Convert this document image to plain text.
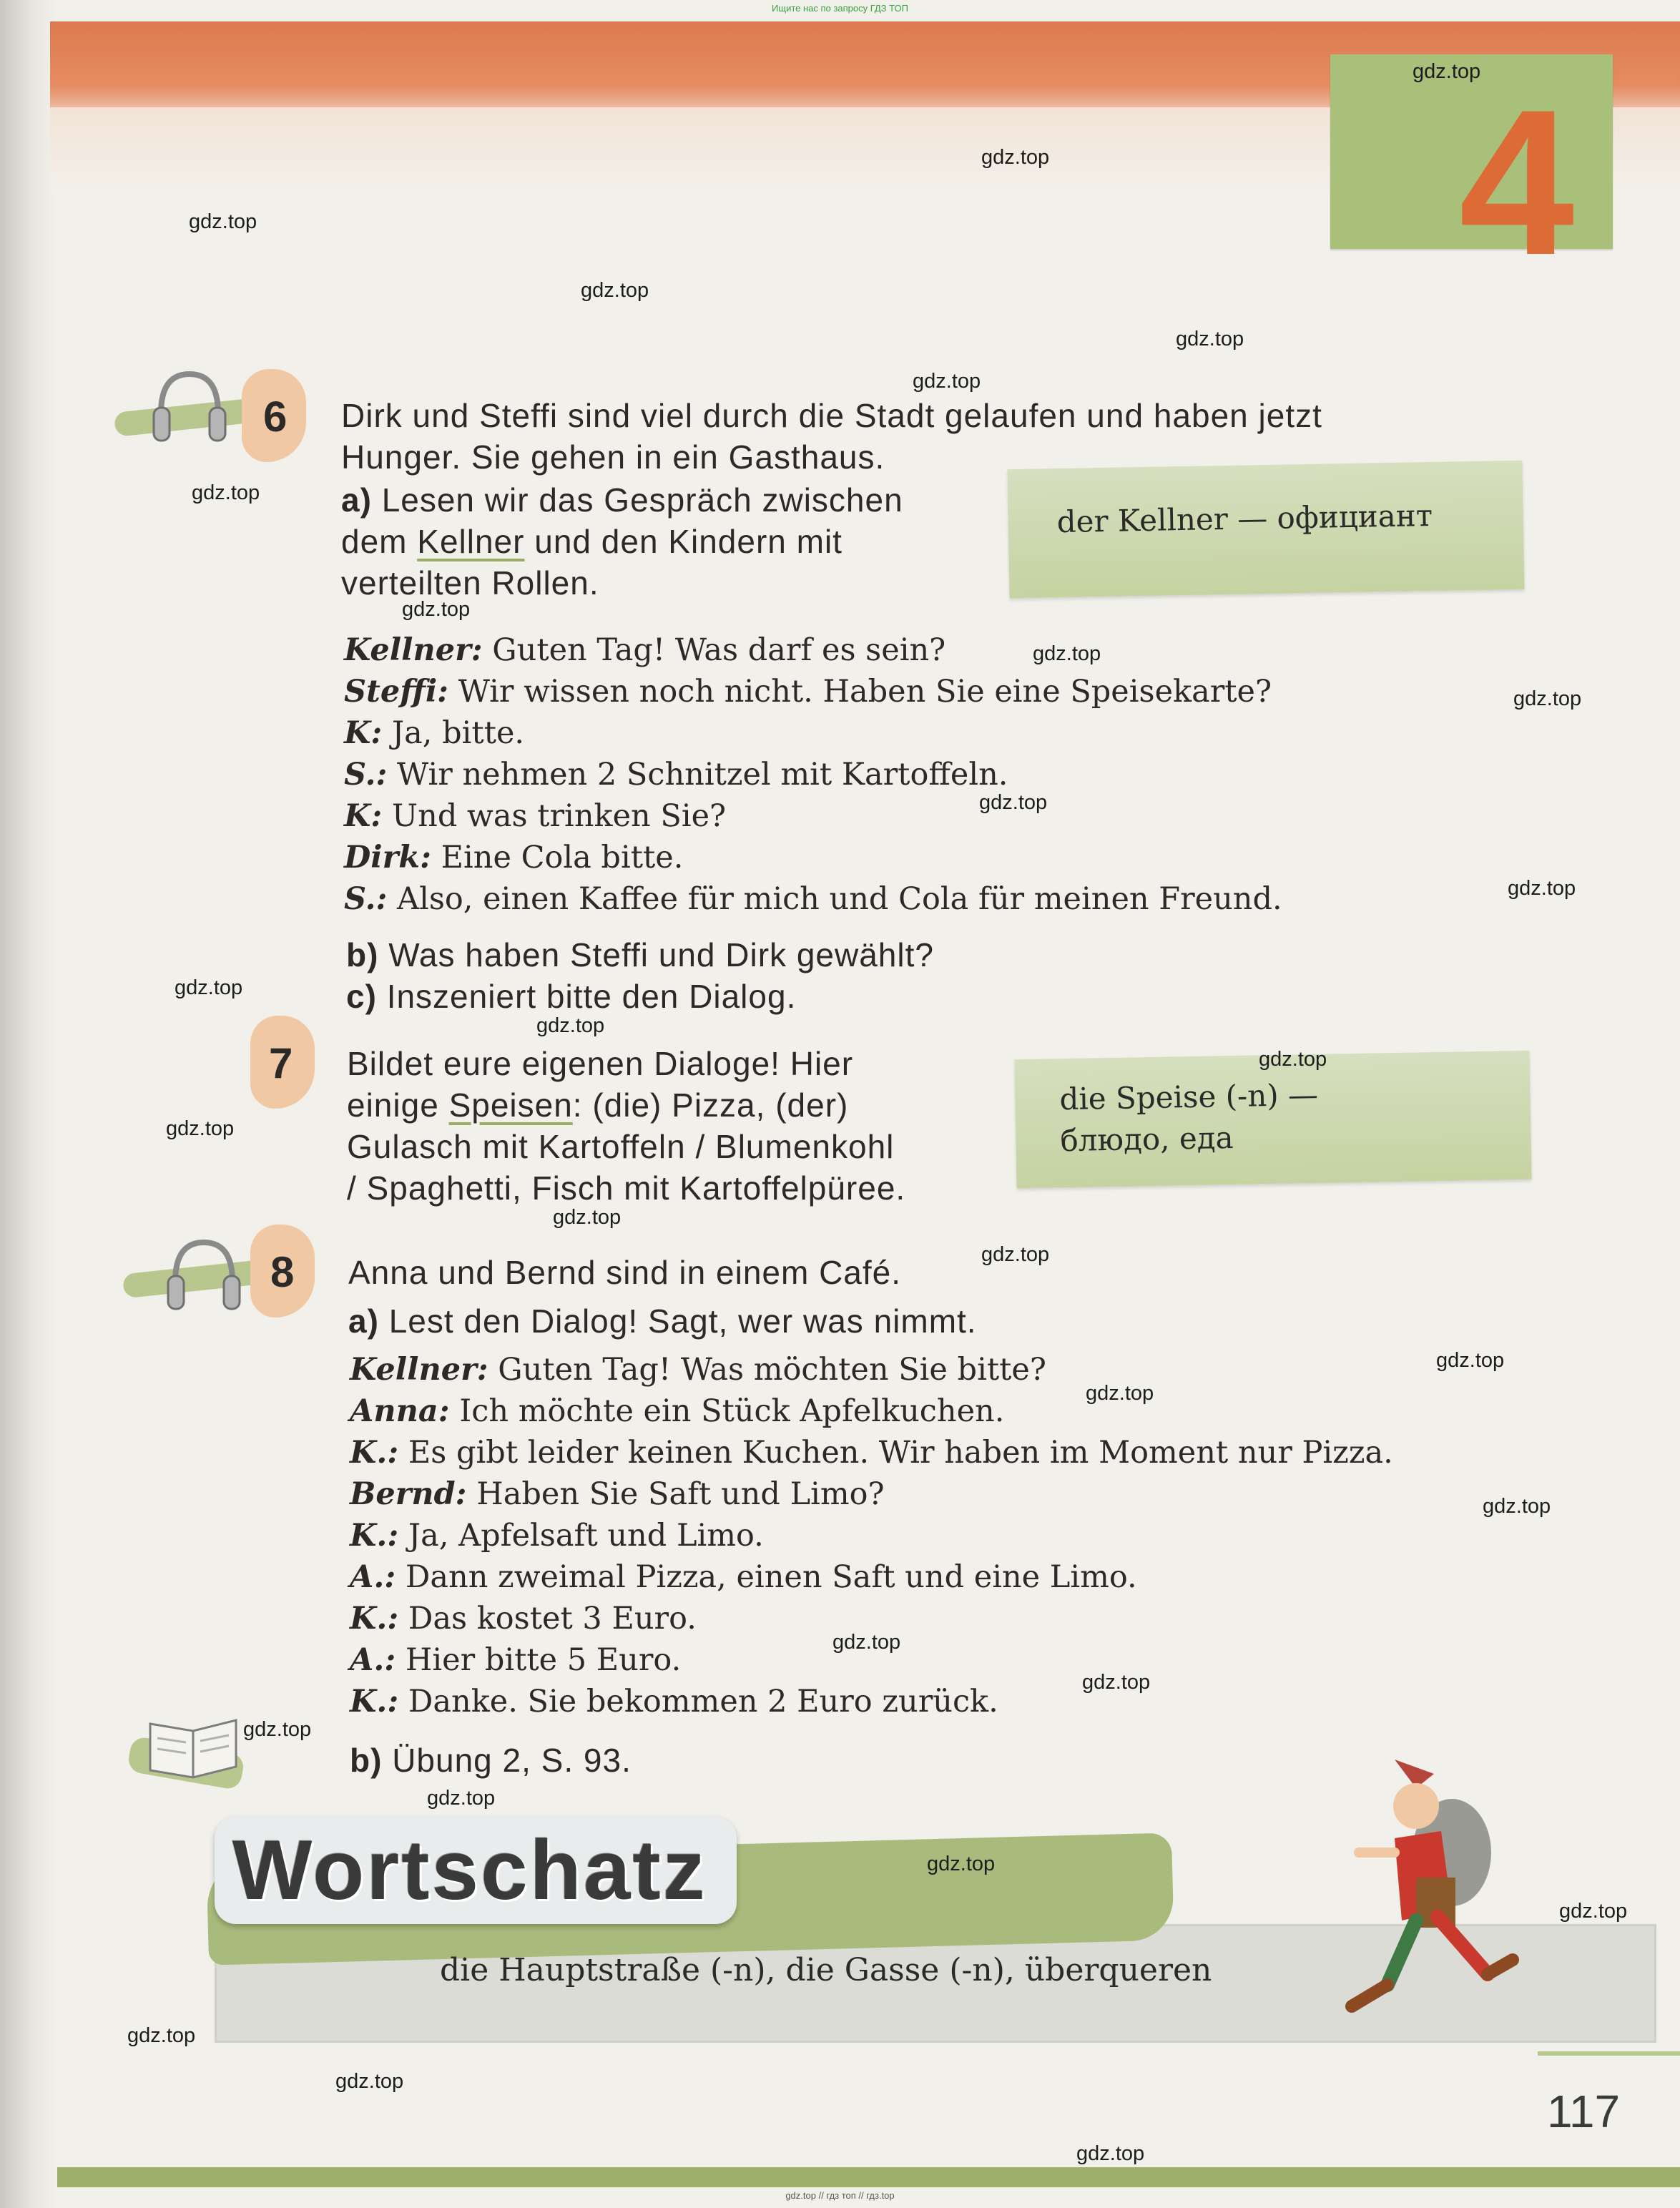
4
6 Dirk und Steffi sind viel durch die Stadt gelaufen und haben jetzt
Hunger. Sie gehen in ein Gasthaus.
a) Lesen wir das Gespräch zwischen
dem Kellner und den Kindern mit
verteilten Rollen.
der Kellner — официант
Kellner: Guten Tag! Was darf es sein?
Steffi: Wir wissen noch nicht. Haben Sie eine Speisekarte?
K: Ja, bitte.
S.: Wir nehmen 2 Schnitzel mit Kartoffeln.
K: Und was trinken Sie?
Dirk: Eine Cola bitte.
S.: Also, einen Kaffee für mich und Cola für meinen Freund.
b) Was haben Steffi und Dirk gewählt?
c) Inszeniert bitte den Dialog.
7 Bildet eure eigenen Dialoge! Hier
einige Speisen: (die) Pizza, (der)
Gulasch mit Kartoffeln / Blumenkohl
/ Spaghetti, Fisch mit Kartoffelpüree.
die Speise (-n) —
блюдо, еда
8 Anna und Bernd sind in einem Café.
a) Lest den Dialog! Sagt, wer was nimmt.
Kellner: Guten Tag! Was möchten Sie bitte?
Anna: Ich möchte ein Stück Apfelkuchen.
K.: Es gibt leider keinen Kuchen. Wir haben im Moment nur Pizza.
Bernd: Haben Sie Saft und Limo?
K.: Ja, Apfelsaft und Limo.
A.: Dann zweimal Pizza, einen Saft und eine Limo.
K.: Das kostet 3 Euro.
A.: Hier bitte 5 Euro.
K.: Danke. Sie bekommen 2 Euro zurück.
b) Übung 2, S. 93.
Wortschatz
die Hauptstraße (-n), die Gasse (-n), überqueren
117
gdz.top
gdz.top
gdz.top
gdz.top
gdz.top
gdz.top
gdz.top
gdz.top
gdz.top
gdz.top
gdz.top
gdz.top
gdz.top
gdz.top
gdz.top
gdz.top
gdz.top
gdz.top
gdz.top
gdz.top
gdz.top
gdz.top
gdz.top
gdz.top
gdz.top
gdz.top
gdz.top
gdz.top
gdz.top
gdz.top
Ищите нас по запросу ГДЗ ТОП
gdz.top // гдз топ // гдз.top
